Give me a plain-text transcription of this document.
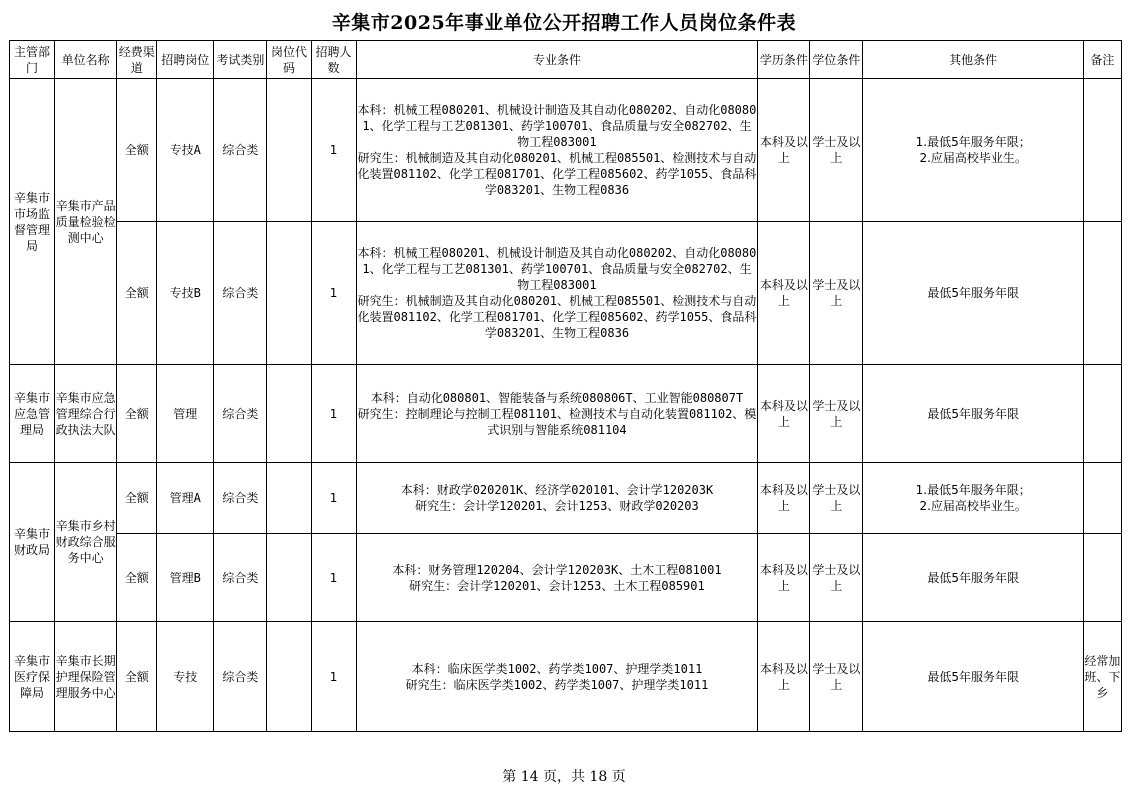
辛集市2025年事业单位公开招聘工作人员岗位条件表
主管部门	单位名称	经费渠道	招聘岗位	考试类别	岗位代码	招聘人数	专业条件	学历条件	学位条件	其他条件	备注
辛集市市场监督管理局	辛集市产品质量检验检测中心	全额	专技A	综合类		1	本科：机械工程080201、机械设计制造及其自动化080202、自动化080801、化学工程与工艺081301、药学100701、食品质量与安全082702、生物工程083001
研究生：机械制造及其自动化080201、机械工程085501、检测技术与自动化装置081102、化学工程081701、化学工程085602、药学1055、食品科学083201、生物工程0836	本科及以上	学士及以上	1.最低5年服务年限；
2.应届高校毕业生。	
		全额	专技B	综合类		1	本科：机械工程080201、机械设计制造及其自动化080202、自动化080801、化学工程与工艺081301、药学100701、食品质量与安全082702、生物工程083001
研究生：机械制造及其自动化080201、机械工程085501、检测技术与自动化装置081102、化学工程081701、化学工程085602、药学1055、食品科学083201、生物工程0836	本科及以上	学士及以上	最低5年服务年限	
辛集市应急管理局	辛集市应急管理综合行政执法大队	全额	管理	综合类		1	本科：自动化080801、智能装备与系统080806T、工业智能080807T
研究生：控制理论与控制工程081101、检测技术与自动化装置081102、模式识别与智能系统081104	本科及以上	学士及以上	最低5年服务年限	
辛集市财政局	辛集市乡村财政综合服务中心	全额	管理A	综合类		1	本科：财政学020201K、经济学020101、会计学120203K
研究生：会计学120201、会计1253、财政学020203	本科及以上	学士及以上	1.最低5年服务年限；
2.应届高校毕业生。	
		全额	管理B	综合类		1	本科：财务管理120204、会计学120203K、土木工程081001
研究生：会计学120201、会计1253、土木工程085901	本科及以上	学士及以上	最低5年服务年限	
辛集市医疗保障局	辛集市长期护理保险管理服务中心	全额	专技	综合类		1	本科：临床医学类1002、药学类1007、护理学类1011
研究生：临床医学类1002、药学类1007、护理学类1011	本科及以上	学士及以上	最低5年服务年限	经常加班、下乡
第 14 页，共 18 页
